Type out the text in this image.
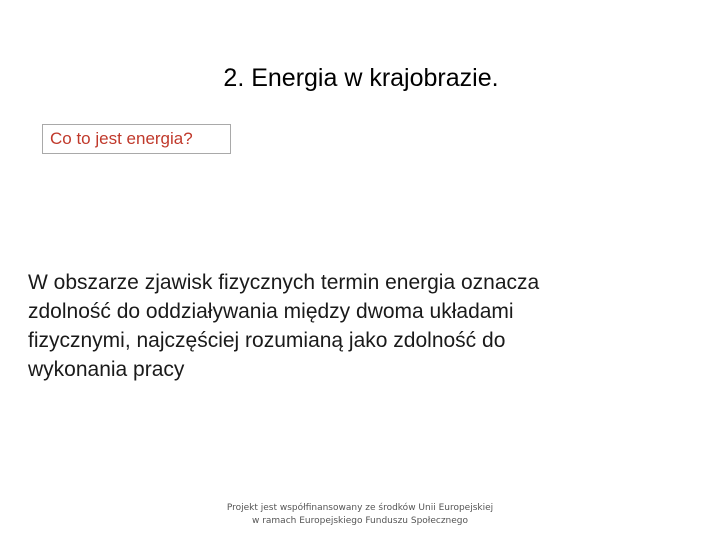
2. Energia w krajobrazie.
Co to jest energia?
W obszarze zjawisk fizycznych termin energia oznacza
zdolność do oddziaływania między dwoma układami
fizycznymi, najczęściej rozumianą jako zdolność do
wykonania pracy
Projekt jest współfinansowany ze środków Unii Europejskiej
w ramach Europejskiego Funduszu Społecznego
